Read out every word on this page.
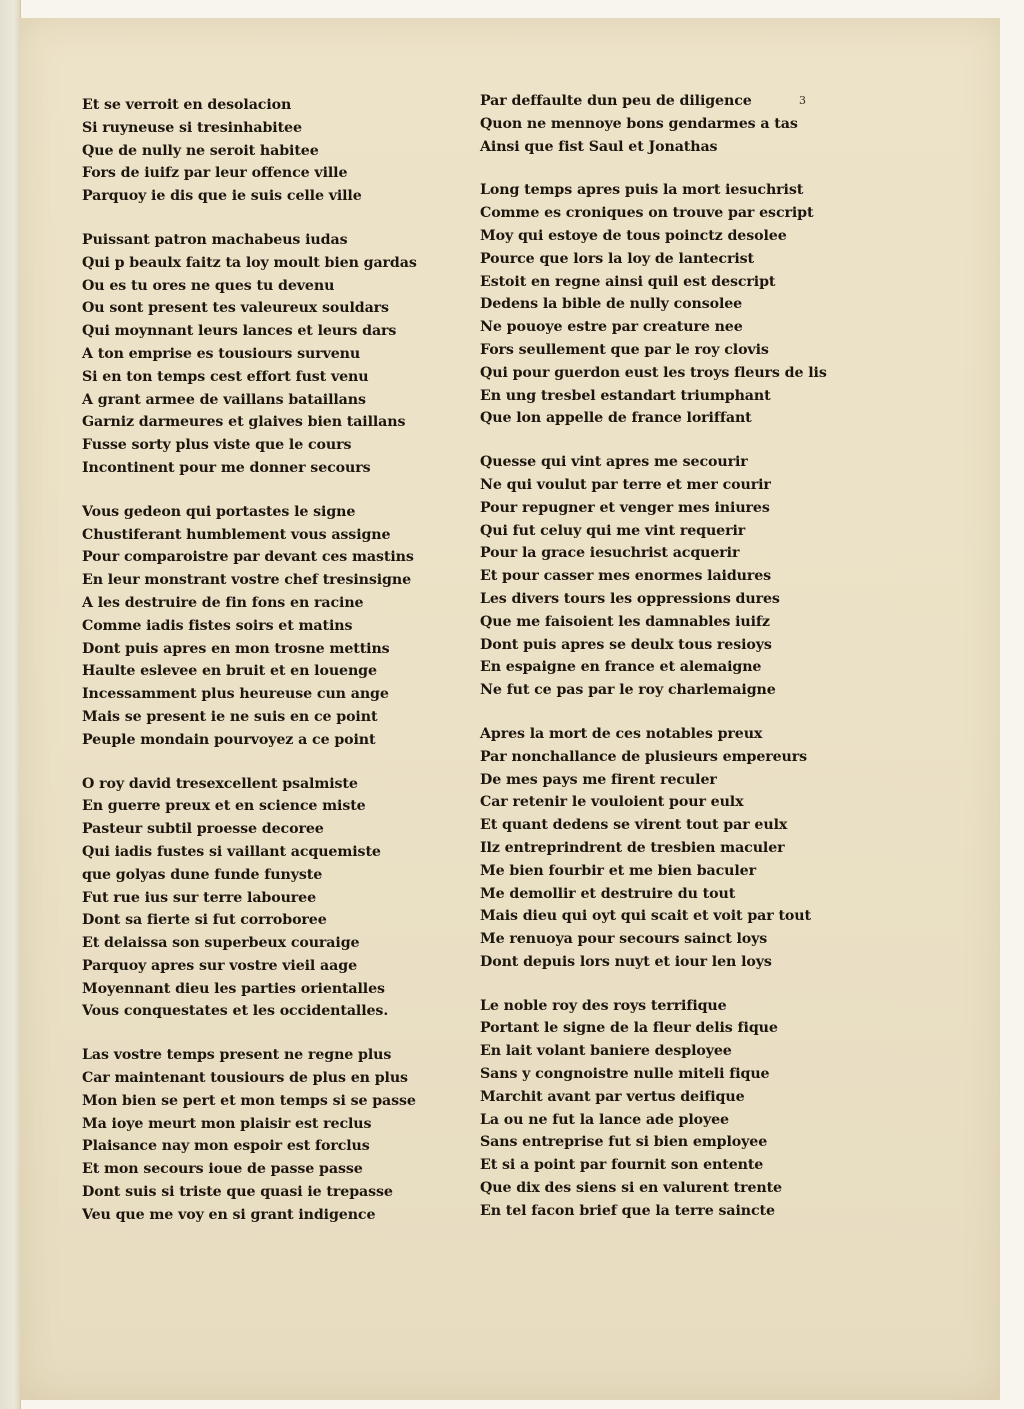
3
Et se verroit en desolacion
Si ruyneuse si tresinhabitee
Que de nully ne seroit habitee
Fors de iuifz par leur offence ville
Parquoy ie dis que ie suis celle ville
Puissant patron machabeus iudas
Qui p beaulx faitz ta loy moult bien gardas
Ou es tu ores ne ques tu devenu
Ou sont present tes valeureux souldars
Qui moynnant leurs lances et leurs dars
A ton emprise es tousiours survenu
Si en ton temps cest effort fust venu
A grant armee de vaillans bataillans
Garniz darmeures et glaives bien taillans
Fusse sorty plus viste que le cours
Incontinent pour me donner secours
Vous gedeon qui portastes le signe
Chustiferant humblement vous assigne
Pour comparoistre par devant ces mastins
En leur monstrant vostre chef tresinsigne
A les destruire de fin fons en racine
Comme iadis fistes soirs et matins
Dont puis apres en mon trosne mettins
Haulte eslevee en bruit et en louenge
Incessamment plus heureuse cun ange
Mais se present ie ne suis en ce point
Peuple mondain pourvoyez a ce point
O roy david tresexcellent psalmiste
En guerre preux et en science miste
Pasteur subtil proesse decoree
Qui iadis fustes si vaillant acquemiste
que golyas dune funde funyste
Fut rue ius sur terre labouree
Dont sa fierte si fut corroboree
Et delaissa son superbeux couraige
Parquoy apres sur vostre vieil aage
Moyennant dieu les parties orientalles
Vous conquestates et les occidentalles.
Las vostre temps present ne regne plus
Car maintenant tousiours de plus en plus
Mon bien se pert et mon temps si se passe
Ma ioye meurt mon plaisir est reclus
Plaisance nay mon espoir est forclus
Et mon secours ioue de passe passe
Dont suis si triste que quasi ie trepasse
Veu que me voy en si grant indigence
Par deffaulte dun peu de diligence
Quon ne mennoye bons gendarmes a tas
Ainsi que fist Saul et Jonathas
Long temps apres puis la mort iesuchrist
Comme es croniques on trouve par escript
Moy qui estoye de tous poinctz desolee
Pource que lors la loy de lantecrist
Estoit en regne ainsi quil est descript
Dedens la bible de nully consolee
Ne pouoye estre par creature nee
Fors seullement que par le roy clovis
Qui pour guerdon eust les troys fleurs de lis
En ung tresbel estandart triumphant
Que lon appelle de france loriffant
Quesse qui vint apres me secourir
Ne qui voulut par terre et mer courir
Pour repugner et venger mes iniures
Qui fut celuy qui me vint requerir
Pour la grace iesuchrist acquerir
Et pour casser mes enormes laidures
Les divers tours les oppressions dures
Que me faisoient les damnables iuifz
Dont puis apres se deulx tous resioys
En espaigne en france et alemaigne
Ne fut ce pas par le roy charlemaigne
Apres la mort de ces notables preux
Par nonchallance de plusieurs empereurs
De mes pays me firent reculer
Car retenir le vouloient pour eulx
Et quant dedens se virent tout par eulx
Ilz entreprindrent de tresbien maculer
Me bien fourbir et me bien baculer
Me demollir et destruire du tout
Mais dieu qui oyt qui scait et voit par tout
Me renuoya pour secours sainct loys
Dont depuis lors nuyt et iour len loys
Le noble roy des roys terrifique
Portant le signe de la fleur delis fique
En lait volant baniere desployee
Sans y congnoistre nulle miteli fique
Marchit avant par vertus deifique
La ou ne fut la lance ade ployee
Sans entreprise fut si bien employee
Et si a point par fournit son entente
Que dix des siens si en valurent trente
En tel facon brief que la terre saincte
